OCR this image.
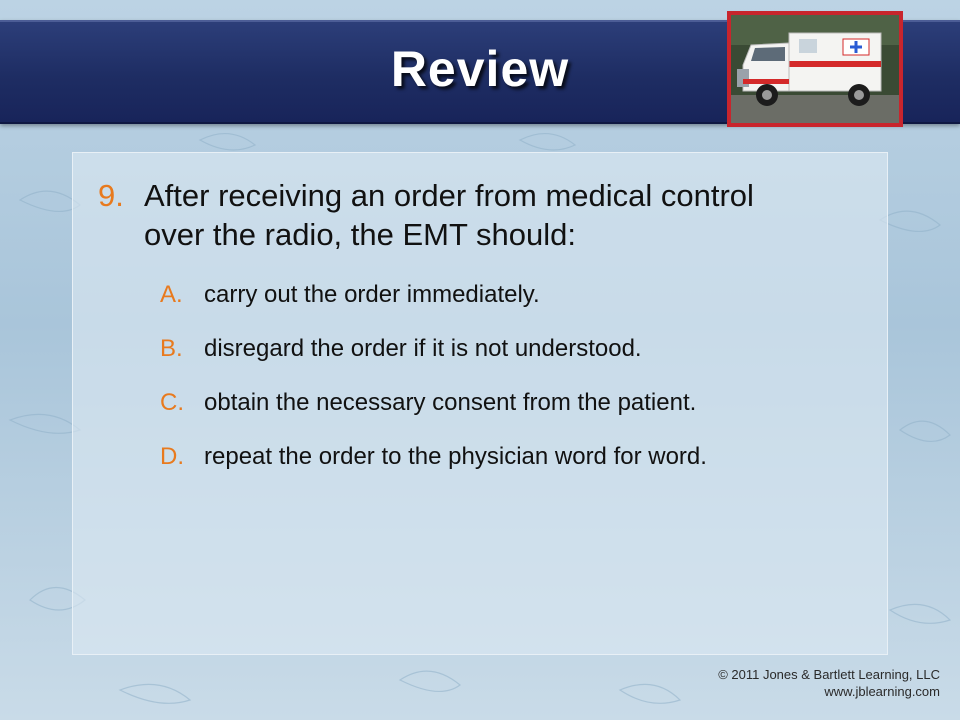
Review
9. After receiving an order from medical control over the radio, the EMT should:
A. carry out the order immediately.
B. disregard the order if it is not understood.
C. obtain the necessary consent from the patient.
D. repeat the order to the physician word for word.
© 2011 Jones & Bartlett Learning, LLC
www.jblearning.com
